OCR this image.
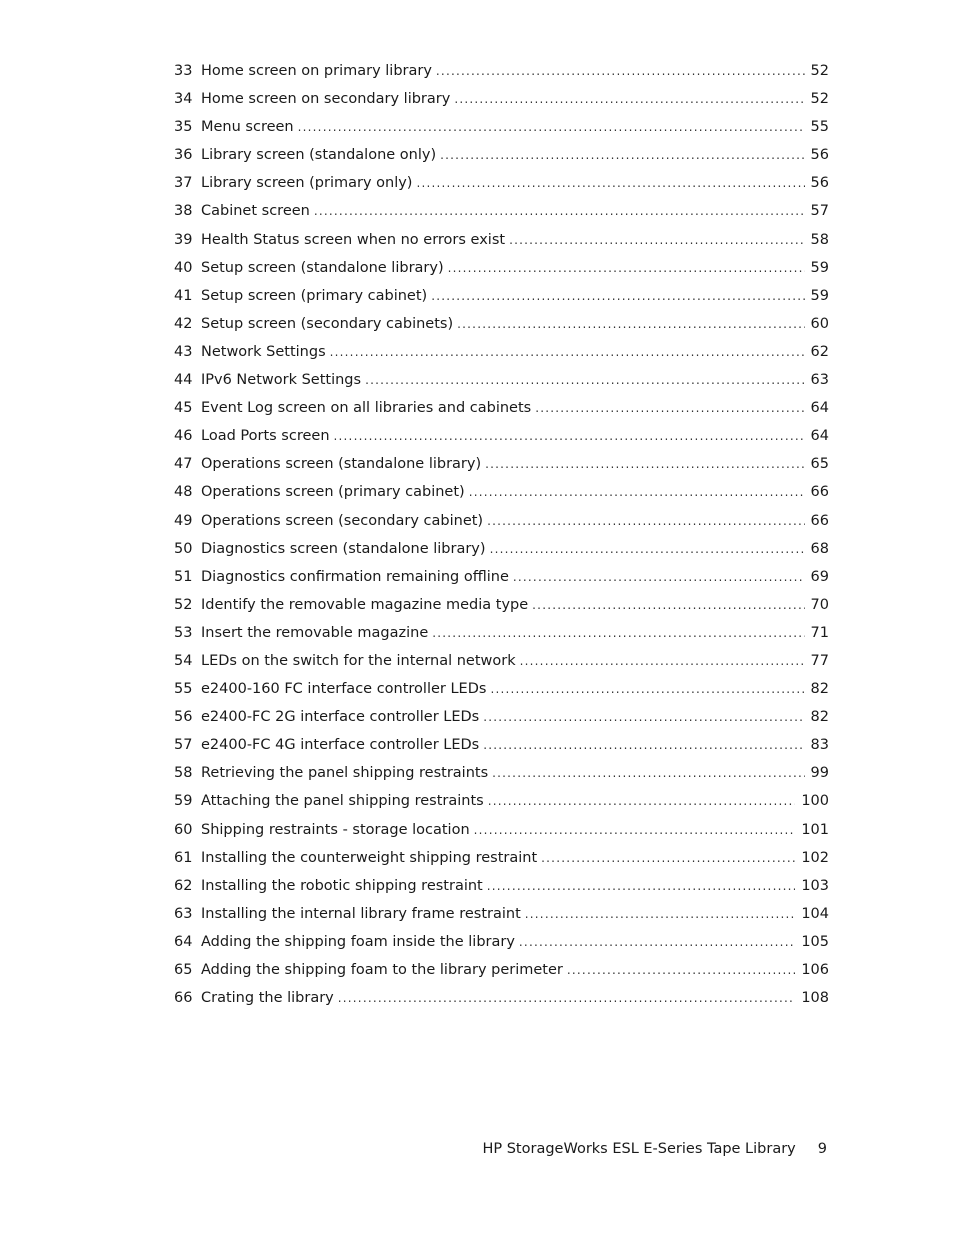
33 Home screen on primary library .....	52
34 Home screen on secondary library .....	52
35 Menu screen .....	55
36 Library screen (standalone only) .....	56
37 Library screen (primary only) .....	56
38 Cabinet screen .....	57
39 Health Status screen when no errors exist .....	58
40 Setup screen (standalone library) .....	59
41 Setup screen (primary cabinet) .....	59
42 Setup screen (secondary cabinets) .....	60
43 Network Settings .....	62
44 IPv6 Network Settings .....	63
45 Event Log screen on all libraries and cabinets .....	64
46 Load Ports screen .....	64
47 Operations screen (standalone library) .....	65
48 Operations screen (primary cabinet) .....	66
49 Operations screen (secondary cabinet) .....	66
50 Diagnostics screen (standalone library) .....	68
51 Diagnostics confirmation remaining offline .....	69
52 Identify the removable magazine media type .....	70
53 Insert the removable magazine .....	71
54 LEDs on the switch for the internal network .....	77
55 e2400-160 FC interface controller LEDs .....	82
56 e2400-FC 2G interface controller LEDs .....	82
57 e2400-FC 4G interface controller LEDs .....	83
58 Retrieving the panel shipping restraints .....	99
59 Attaching the panel shipping restraints .....	100
60 Shipping restraints - storage location .....	101
61 Installing the counterweight shipping restraint .....	102
62 Installing the robotic shipping restraint .....	103
63 Installing the internal library frame restraint .....	104
64 Adding the shipping foam inside the library .....	105
65 Adding the shipping foam to the library perimeter .....	106
66 Crating the library .....	108
HP StorageWorks ESL E-Series Tape Library	9
